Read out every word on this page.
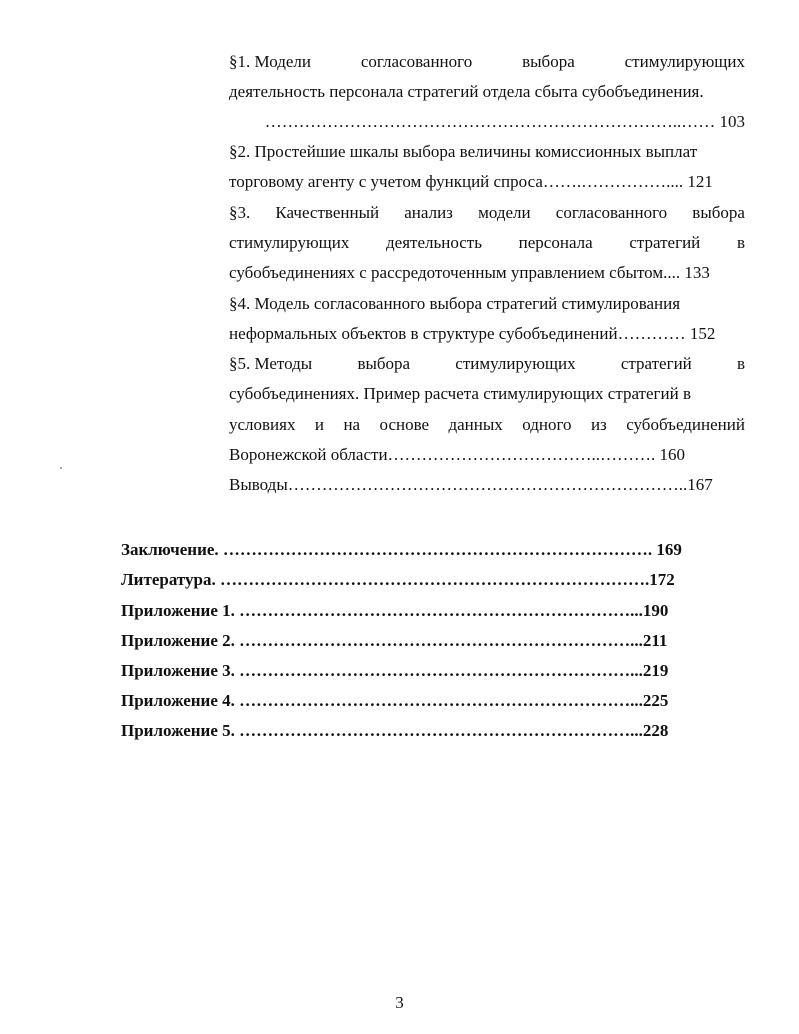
§1. Модели	согласованного	выбора	стимулирующих
деятельность персонала стратегий отдела сбыта субобъединения.
………………………………………………………………..…… 103
§2. Простейшие шкалы выбора величины комиссионных выплат
торговому агенту с учетом функций спроса…….…………….... 121
§3. Качественный анализ модели согласованного выбора
стимулирующих деятельность персонала стратегий в
субобъединениях с рассредоточенным управлением сбытом.... 133
§4. Модель согласованного выбора стратегий стимулирования
неформальных объектов в структуре субобъединений………… 152
§5. Методы	выбора	стимулирующих	стратегий	в
субобъединениях. Пример расчета стимулирующих стратегий в
условиях и на основе данных одного из субобъединений
Воронежской области………………………………..………. 160
Выводы……………………………………………………………..167
Заключение. …………………………………………………………………. 169
Литература. ………………………………………………………………….172
Приложение 1. ……………………………………………………………...190
Приложение 2. ……………………………………………………………...211
Приложение 3. ……………………………………………………………...219
Приложение 4. ……………………………………………………………...225
Приложение 5. ……………………………………………………………...228
3
